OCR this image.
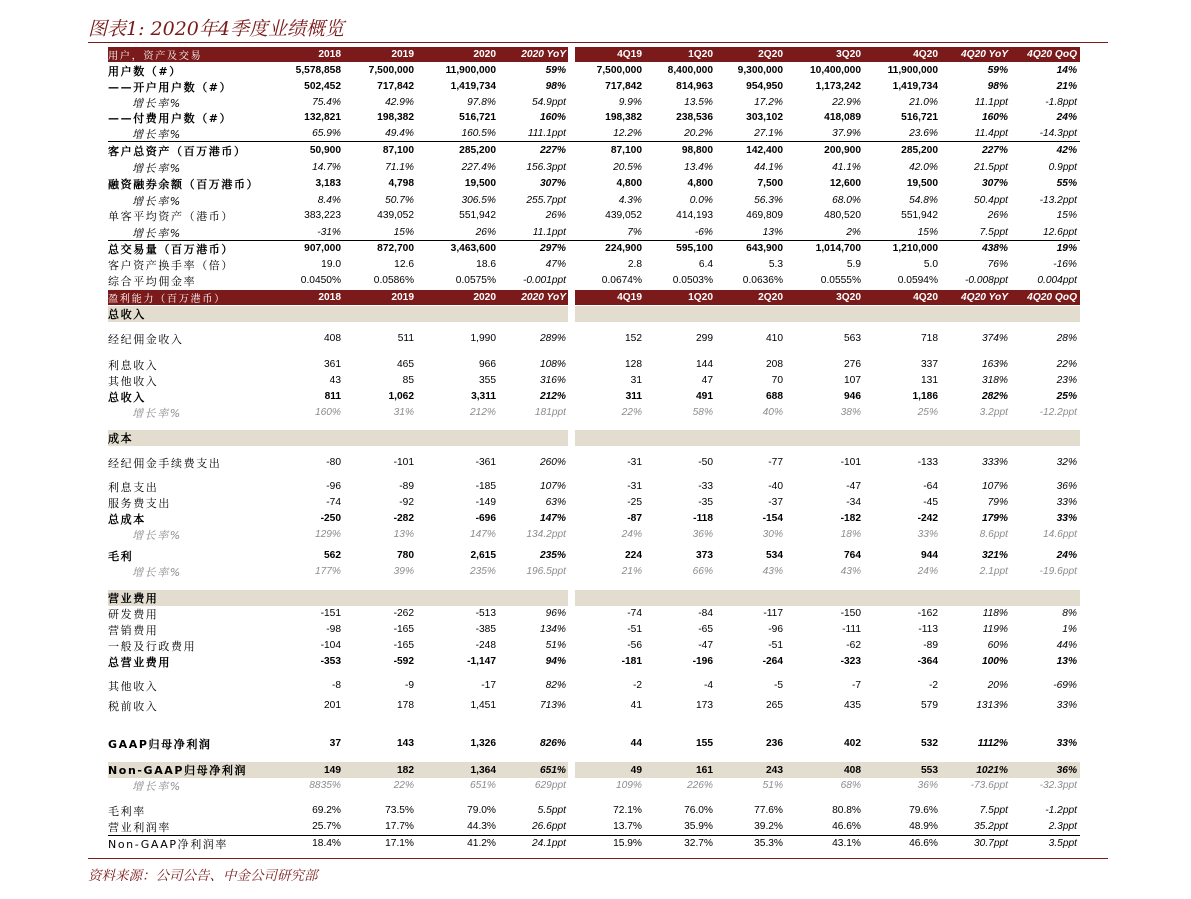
图表1: 2020年4季度业绩概览
用户，资产及交易	2018	2019	2020	2020 YoY	4Q19	1Q20	2Q20	3Q20	4Q20	4Q20 YoY	4Q20 QoQ
用户数（#）	5,578,858	7,500,000	11,900,000	59%	7,500,000	8,400,000	9,300,000	10,400,000	11,900,000	59%	14%
——开户用户数（#）	502,452	717,842	1,419,734	98%	717,842	814,963	954,950	1,173,242	1,419,734	98%	21%
增长率%	75.4%	42.9%	97.8%	54.9ppt	9.9%	13.5%	17.2%	22.9%	21.0%	11.1ppt	-1.8ppt
——付费用户数（#）	132,821	198,382	516,721	160%	198,382	238,536	303,102	418,089	516,721	160%	24%
增长率%	65.9%	49.4%	160.5%	111.1ppt	12.2%	20.2%	27.1%	37.9%	23.6%	11.4ppt	-14.3ppt
客户总资产（百万港币）	50,900	87,100	285,200	227%	87,100	98,800	142,400	200,900	285,200	227%	42%
增长率%	14.7%	71.1%	227.4%	156.3ppt	20.5%	13.4%	44.1%	41.1%	42.0%	21.5ppt	0.9ppt
融资融券余额（百万港币）	3,183	4,798	19,500	307%	4,800	4,800	7,500	12,600	19,500	307%	55%
增长率%	8.4%	50.7%	306.5%	255.7ppt	4.3%	0.0%	56.3%	68.0%	54.8%	50.4ppt	-13.2ppt
单客平均资产（港币）	383,223	439,052	551,942	26%	439,052	414,193	469,809	480,520	551,942	26%	15%
增长率%	-31%	15%	26%	11.1ppt	7%	-6%	13%	2%	15%	7.5ppt	12.6ppt
总交易量（百万港币）	907,000	872,700	3,463,600	297%	224,900	595,100	643,900	1,014,700	1,210,000	438%	19%
客户资产换手率（倍）	19.0	12.6	18.6	47%	2.8	6.4	5.3	5.9	5.0	76%	-16%
综合平均佣金率	0.0450%	0.0586%	0.0575%	-0.001ppt	0.0674%	0.0503%	0.0636%	0.0555%	0.0594%	-0.008ppt	0.004ppt
盈利能力（百万港币）	2018	2019	2020	2020 YoY	4Q19	1Q20	2Q20	3Q20	4Q20	4Q20 YoY	4Q20 QoQ
总收入
经纪佣金收入	408	511	1,990	289%	152	299	410	563	718	374%	28%
利息收入	361	465	966	108%	128	144	208	276	337	163%	22%
其他收入	43	85	355	316%	31	47	70	107	131	318%	23%
总收入	811	1,062	3,311	212%	311	491	688	946	1,186	282%	25%
增长率%	160%	31%	212%	181ppt	22%	58%	40%	38%	25%	3.2ppt	-12.2ppt
成本
经纪佣金手续费支出	-80	-101	-361	260%	-31	-50	-77	-101	-133	333%	32%
利息支出	-96	-89	-185	107%	-31	-33	-40	-47	-64	107%	36%
服务费支出	-74	-92	-149	63%	-25	-35	-37	-34	-45	79%	33%
总成本	-250	-282	-696	147%	-87	-118	-154	-182	-242	179%	33%
增长率%	129%	13%	147%	134.2ppt	24%	36%	30%	18%	33%	8.6ppt	14.6ppt
毛利	562	780	2,615	235%	224	373	534	764	944	321%	24%
增长率%	177%	39%	235%	196.5ppt	21%	66%	43%	43%	24%	2.1ppt	-19.6ppt
营业费用
研发费用	-151	-262	-513	96%	-74	-84	-117	-150	-162	118%	8%
营销费用	-98	-165	-385	134%	-51	-65	-96	-111	-113	119%	1%
一般及行政费用	-104	-165	-248	51%	-56	-47	-51	-62	-89	60%	44%
总营业费用	-353	-592	-1,147	94%	-181	-196	-264	-323	-364	100%	13%
其他收入	-8	-9	-17	82%	-2	-4	-5	-7	-2	20%	-69%
税前收入	201	178	1,451	713%	41	173	265	435	579	1313%	33%
GAAP归母净利润	37	143	1,326	826%	44	155	236	402	532	1112%	33%
Non-GAAP归母净利润	149	182	1,364	651%	49	161	243	408	553	1021%	36%
增长率%	8835%	22%	651%	629ppt	109%	226%	51%	68%	36%	-73.6ppt	-32.3ppt
毛利率	69.2%	73.5%	79.0%	5.5ppt	72.1%	76.0%	77.6%	80.8%	79.6%	7.5ppt	-1.2ppt
营业利润率	25.7%	17.7%	44.3%	26.6ppt	13.7%	35.9%	39.2%	46.6%	48.9%	35.2ppt	2.3ppt
Non-GAAP净利润率	18.4%	17.1%	41.2%	24.1ppt	15.9%	32.7%	35.3%	43.1%	46.6%	30.7ppt	3.5ppt
资料来源：公司公告、中金公司研究部
